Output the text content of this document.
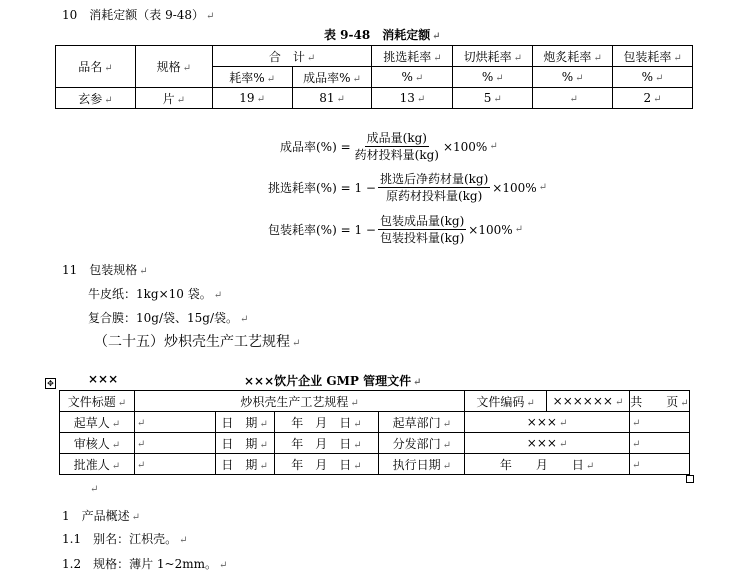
10　消耗定额（表 9-48） ↵
表 9-48　消耗定额 ↵
品名 ↵	规格 ↵	合　计 ↵		挑选耗率 ↵	切烘耗率 ↵	炮炙耗率 ↵	包装耗率 ↵
		耗率% ↵	成品率% ↵	% ↵	% ↵	% ↵	% ↵
玄参 ↵	片 ↵	19 ↵	81 ↵	13 ↵	5 ↵	↵	2 ↵
成品率(%) = $\frac{\text{成品量(kg)}}{\text{药材投料量(kg)}} \times 100\%$ ↵
挑选耗率(%) = $1 - \frac{\text{挑选后净药材量(kg)}}{\text{原药材投料量(kg)}} \times 100\%$ ↵
包装耗率(%) = $1 - \frac{\text{包装成品量(kg)}}{\text{包装投料量(kg)}} \times 100\%$ ↵
11　包装规格 ↵
牛皮纸：1kg×10 袋。 ↵
复合膜：10g/袋、15g/袋。 ↵
（二十五）炒枳壳生产工艺规程 ↵
✥	×××	×××饮片企业 GMP 管理文件 ↵
文件标题 ↵	炒枳壳生产工艺规程 ↵				文件编码 ↵	×××××× ↵	共　　页 ↵
起草人 ↵	↵	日　期 ↵	年　月　日 ↵	起草部门 ↵	××× ↵		↵
审核人 ↵	↵	日　期 ↵	年　月　日 ↵	分发部门 ↵	××× ↵		↵
批准人 ↵	↵	日　期 ↵	年　月　日 ↵	执行日期 ↵	年　　月　　日 ↵		↵
↵
1　产品概述 ↵
1.1　别名：江枳壳。 ↵
1.2　规格：薄片 1~2mm。 ↵
